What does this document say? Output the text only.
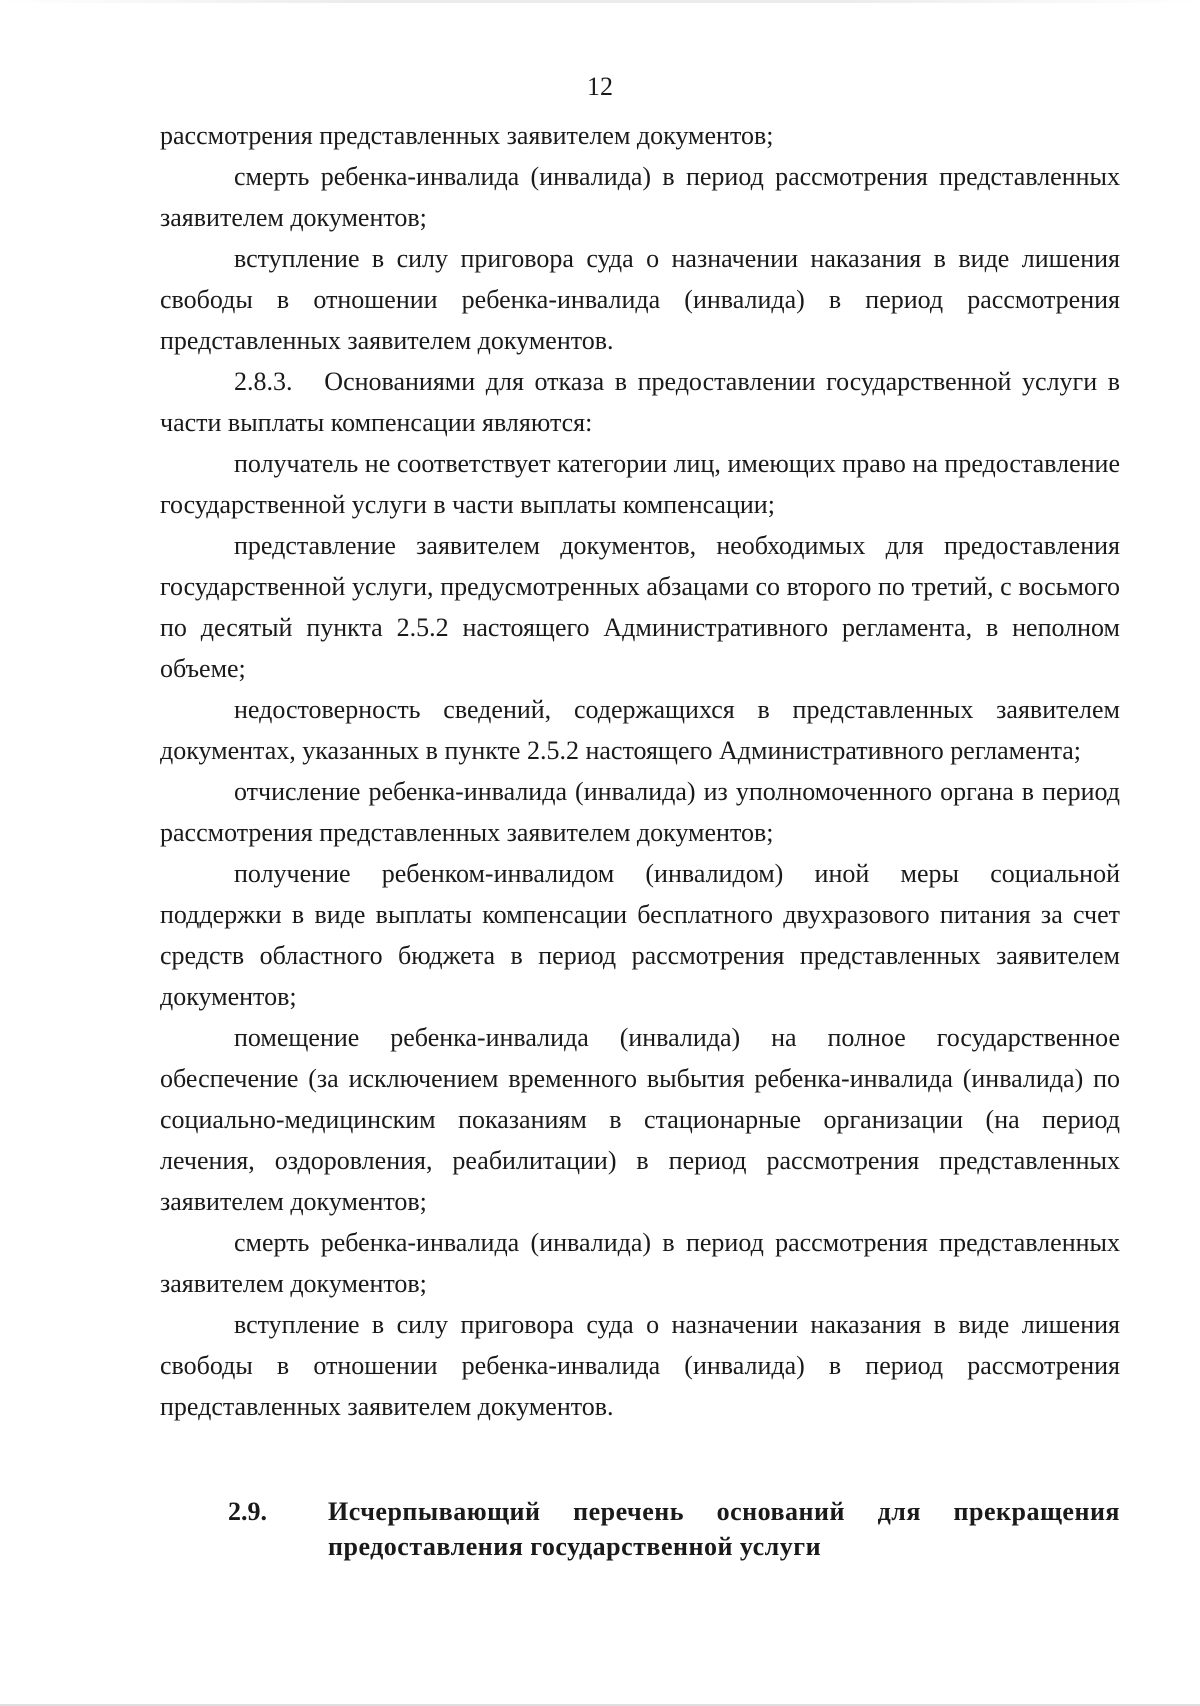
12

рассмотрения представленных заявителем документов;

смерть ребенка-инвалида (инвалида) в период рассмотрения представленных заявителем документов;

вступление в силу приговора суда о назначении наказания в виде лишения свободы в отношении ребенка-инвалида (инвалида) в период рассмотрения представленных заявителем документов.

2.8.3.   Основаниями для отказа в предоставлении государственной услуги в части выплаты компенсации являются:

получатель не соответствует категории лиц, имеющих право на предоставление государственной услуги в части выплаты компенсации;

представление заявителем документов, необходимых для предоставления государственной услуги, предусмотренных абзацами со второго по третий, с восьмого по десятый пункта 2.5.2 настоящего Административного регламента, в неполном объеме;

недостоверность сведений, содержащихся в представленных заявителем документах, указанных в пункте 2.5.2 настоящего Административного регламента;

отчисление ребенка-инвалида (инвалида) из уполномоченного органа в период рассмотрения представленных заявителем документов;

получение ребенком-инвалидом (инвалидом) иной меры социальной поддержки в виде выплаты компенсации бесплатного двухразового питания за счет средств областного бюджета в период рассмотрения представленных заявителем документов;

помещение ребенка-инвалида (инвалида) на полное государственное обеспечение (за исключением временного выбытия ребенка-инвалида (инвалида) по социально-медицинским показаниям в стационарные организации (на период лечения, оздоровления, реабилитации) в период рассмотрения представленных заявителем документов;

смерть ребенка-инвалида (инвалида) в период рассмотрения представленных заявителем документов;

вступление в силу приговора суда о назначении наказания в виде лишения свободы в отношении ребенка-инвалида (инвалида) в период рассмотрения представленных заявителем документов.

2.9.	Исчерпывающий перечень оснований для прекращения предоставления государственной услуги
